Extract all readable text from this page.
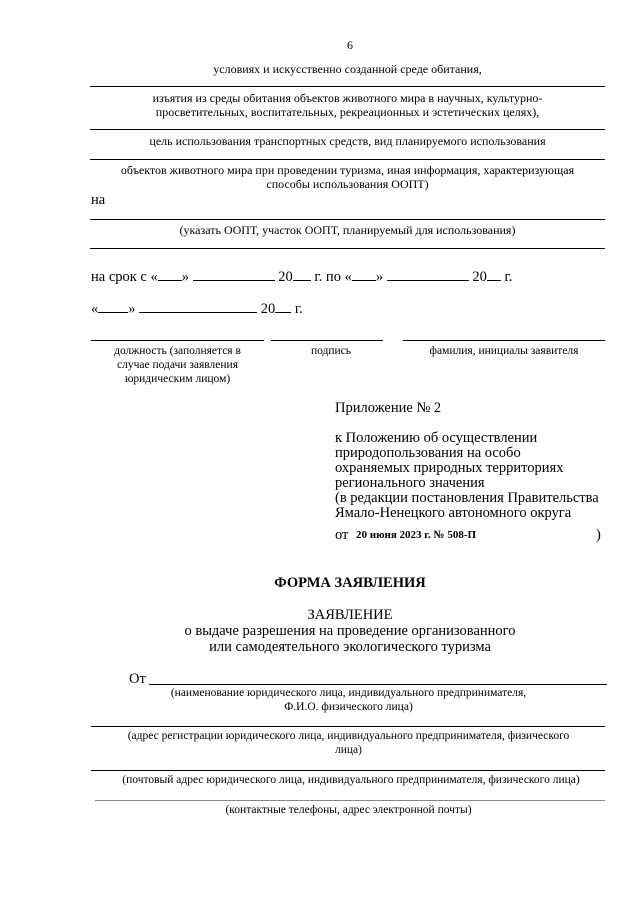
6
условиях и искусственно созданной среде обитания,
изъятия из среды обитания объектов животного мира в научных, культурно-
просветительных, воспитательных, рекреационных и эстетических целях),
цель использования транспортных средств, вид планируемого использования
объектов животного мира при проведении туризма, иная информация, характеризующая
способы использования ООПТ)
на
(указать ООПТ, участок ООПТ, планируемый для использования)
на срок с « »	20 г. по « »	20 г.
« »	20 г.
должность (заполняется в
случае подачи заявления
юридическим лицом)
подпись	фамилия, инициалы заявителя
Приложение № 2
к Положению об осуществлении
природопользования на особо
охраняемых природных территориях
регионального значения
(в редакции постановления Правительства
Ямало-Ненецкого автономного округа
от 20 июня 2023 г. № 508-П	)
ФОРМА ЗАЯВЛЕНИЯ
ЗАЯВЛЕНИЕ
о выдаче разрешения на проведение организованного
или самодеятельного экологического туризма
От
(наименование юридического лица, индивидуального предпринимателя,
Ф.И.О. физического лица)
(адрес регистрации юридического лица, индивидуального предпринимателя, физического
лица)
(почтовый адрес юридического лица, индивидуального предпринимателя, физического лица)
(контактные телефоны, адрес электронной почты)
